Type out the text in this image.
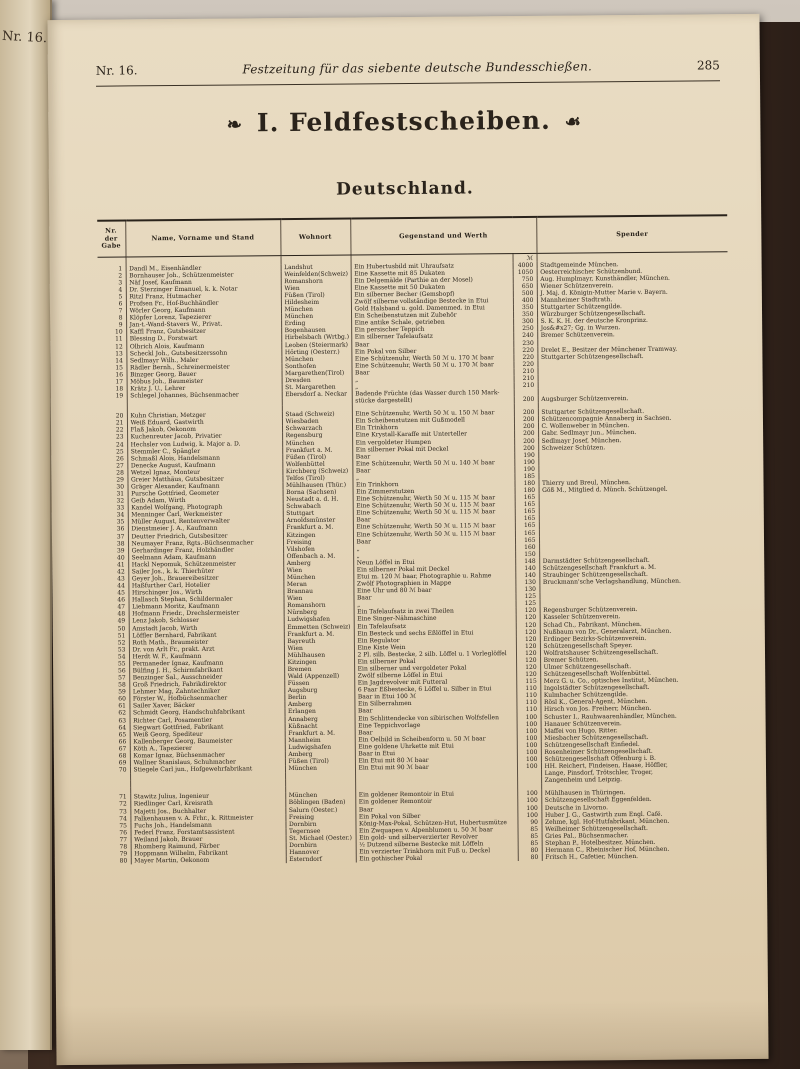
Nr. 16.
Nr. 16.	Festzeitung für das siebente deutsche Bundesschießen.	285
❧ I. Feldfestscheiben. ☙
Deutschland.
Nr. der Gabe	Name, Vorname und Stand	Wohnort	Gegenstand und Werth		Spender
				ℳ	
1	Dandl M., Eisenhändler	Landshut	Ein Hubertusbild mit Uhraufsatz	4000	Stadtgemeinde München.
2	Bornhauser Joh., Schützenmeister	Weinfelden(Schweiz)	Eine Kassette mit 85 Dukaten	1050	Oesterreichischer Schützenbund.
3	Näf Josef, Kaufmann	Romanshorn	Ein Delgemälde (Parthie an der Mosel)	750	Aug. Humplmayr, Kunsthändler, München.
4	Dr. Sterzinger Emanuel, k. k. Notar	Wien	Eine Kassette mit 50 Dukaten	650	Wiener Schützenverein.
5	Ritzl Franz, Hutmacher	Füßen (Tirol)	Ein silberner Becher (Gemsbopf)	500	J. Maj. d. Königin-Mutter Marie v. Bayern.
6	Profsen Fr., Hof-Buchhändler	Hildesheim	Zwölf silberne vollständige Bestecke in Etui	400	Mannheimer Stadtrath.
7	Wörler Georg, Kaufmann	München	Gold Halsband u. gold. Damenmed. in Etui	350	Stuttgarter Schützengilde.
8	Klöpfer Lorenz, Tapezierer	München	Ein Scheibenstutzen mit Zubehör	350	Würzburger Schützengesellschaft.
9	Jan-t.-Wand-Stavers W., Privat.	Erding	Eine antike Schale, getrieben	300	S. K. K. H. der deutsche Kronprinz.
10	Kaffl Franz, Gutsbesitzer	Bogenhausen	Ein persischer Teppich	250	Jos&#x27; Gg. in Wurzen.
11	Blessing D., Forstwart	Hirbelsbach (Wrtbg.)	Ein silberner Tafelaufsatz	240	Bremer Schützenverein.
12	Olbrich Alois, Kaufmann	Leoben (Steiermark)	Baar	230	
13	Scheckl Joh., Gutsbesitzerssohn	Hörting (Oesterr.)	Ein Pokal von Silber	220	Drelet E., Besitzer der Münchener Tramway.
14	Sedlmayr Wilh., Maler	München	Eine Schützenuhr, Werth 50 ℳ u. 170 ℳ baar	220	Stuttgarter Schützengesellschaft.
15	Rädler Bernh., Schreinermeister	Sonthofen	Eine Schützenuhr, Werth 50 ℳ u. 170 ℳ baar	220	
16	Binzger Georg, Bauer	Margarethen(Tirol)	Baar	210	
17	Möbus Joh., Baumeister	Dresden	„	210	
18	Krätz J. U., Lehrer	St. Margarethen	„	210	
19	Schlegel Johannes, Büchsenmacher	Ebersdorf a. Neckar	Badende Früchte (das Wasser durch 150 Mark-		
			stücke dargestellt)	200	Augsburger Schützenverein.

20	Kuhn Christian, Metzger	Staad (Schweiz)	Eine Schützenuhr, Werth 50 ℳ u. 150 ℳ baar	200	Stuttgarter Schützengesellschaft.
21	Weiß Eduard, Gastwirth	Wiesbaden	Ein Scheibenstutzen mit Gußmodell	200	Schützencompagnie Annaberg in Sachsen.
22	Flaß Jakob, Oekonom	Schwarzach	Ein Trinkhorn	200	C. Wollenweber in München.
23	Kuchenreuter Jacob, Privatier	Regensburg	Eine Krystall-Karaffe mit Unterteller	200	Gabr. Sedlmayr jun., München.
24	Hechsler von Ludwig, k. Major a. D.	München	Ein vergoldeter Humpen	200	Sedlmayr Josef, München.
25	Stemmler C., Spängler	Frankfurt a. M.	Ein silberner Pokal mit Deckel	200	Schweizer Schützen.
26	Schmaßl Alois, Handelsmann	Füßen (Tirol)	Baar	190	
27	Denecke August, Kaufmann	Wolfenbüttel	Eine Schützenuhr, Werth 50 ℳ u. 140 ℳ baar	190	
28	Wetzel Ignaz, Monteur	Kirchberg (Schweiz)	Baar	190	
29	Greier Matthäus, Gutsbesitzer	Telfos (Tirol)	„	185	
30	Gräger Alexander, Kaufmann	Mühlhausen (Thür.)	Ein Trinkhorn	180	Thierry und Breul, München.
31	Pursche Gottfried, Geometer	Borna (Sachsen)	Ein Zimmerstutzen	180	Göß M., Mitglied d. Münch. Schützengel.
32	Geib Adam, Wirth	Neustadt a. d. H.	Eine Schützenuhr, Werth 50 ℳ u. 115 ℳ baar	165	
33	Kandel Wolfgang, Photograph	Schwabach	Eine Schützenuhr, Werth 50 ℳ u. 115 ℳ baar	165	
34	Menninger Carl, Werkmeister	Stuttgart	Eine Schützenuhr, Werth 50 ℳ u. 115 ℳ baar	165	
35	Müller August, Rentenverwalter	Arnoldsmünster	Baar	165	
36	Dienstmeier J. A., Kaufmann	Frankfurt a. M.	Eine Schützenuhr, Werth 50 ℳ u. 115 ℳ baar	165	
37	Deutter Friedrich, Gutsbesitzer	Kitzingen	Eine Schützenuhr, Werth 50 ℳ u. 115 ℳ baar	165	
38	Neumayer Franz, Rgts.-Büchsenmacher	Freising	Baar	165	
39	Gerhardinger Franz, Holzhändler	Vilshofen	„	160	
40	Seelmann Adam, Kaufmann	Offenbach a. M.	„	150	
41	Hackl Nepomuk, Schützenmeister	Amberg	Neun Löffel in Etui	148	Darmstädter Schützengesellschaft.
42	Sailer Jos., k. k. Thierhüter	Wien	Ein silberner Pokal mit Deckel	140	Schützengesellschaft Frankfurt a. M.
43	Geyer Joh., Brauereibesitzer	München	Etui m. 120 ℳ baar, Photographie u. Rahme	140	Straubinger Schützengesellschaft.
44	Haßfurther Carl, Hotelier	Meran	Zwölf Photographien in Mappe	130	Bruckmann'sche Verlagshandlung, München.
45	Hirschinger Jos., Wirth	Brannau	Eine Uhr und 80 ℳ baar	130	
46	Hallasch Stephan, Schildermaler	Wien	Baar	125	
47	Liebmann Moritz, Kaufmann	Romanshorn	„	125	
48	Hofmann Friedr., Drechslermeister	Nürnberg	Ein Tafelaufsatz in zwei Theilen	120	Regensburger Schützenverein.
49	Lenz Jakob, Schlosser	Ludwigshafen	Eine Singer-Nähmaschine	120	Kasseler Schützenverein.
50	Amstadt Jacob, Wirth	Emmetten (Schweiz)	Ein Tafelaufsatz	120	Schad Ch., Fabrikant, München.
51	Löffler Bernhard, Fabrikant	Frankfurt a. M.	Ein Besteck und sechs Eßlöffel in Etui	120	Nußbaum von Dr., Generalarzt, München.
52	Roth Math., Braumeister	Bayreuth	Ein Regulator	120	Erdinger Bezirks-Schützenverein.
53	Dr. von Arlt Fr., prakt. Arzt	Wien	Eine Kiste Wein	120	Schützengesellschaft Speyer.
54	Herdt W. F., Kaufmann	Mühlhausen	2 Pl. silb. Bestecke, 2 silb. Löffel u. 1 Vorleglöffel	120	Wolfratshauser Schützengesellschaft.
55	Permaneder Ignaz, Kaufmann	Kitzingen	Ein silberner Pokal	120	Bremer Schützen.
56	Bülfing J. H., Schirmfabrikant	Bremen	Ein silberner und vergoldeter Pokal	120	Ulmer Schützengesellschaft.
57	Benzinger Sal., Ausschneider	Wald (Appenzell)	Zwölf silberne Löffel in Etui	120	Schützengesellschaft Wolfenbüttel.
58	Groß Friedrich, Fabrikdirektor	Füssen	Ein Jagdrevolver mit Futteral	115	Merz G. u. Co., optisches Institut, München.
59	Lehmer Mag, Zahntechniker	Augsburg	6 Paar Eßbestecke, 6 Löffel u. Silber in Etui	110	Ingolstädter Schützengesellschaft.
60	Förster W., Hofbüchsenmacher	Berlin	Baar in Etui 100 ℳ	110	Kulmbacher Schützengilde.
61	Sailer Xaver, Bäcker	Amberg	Ein Silberrahmen	110	Rösl K., General-Agent, München.
62	Schmidt Georg, Handschuhfabrikant	Erlangen	Baar	110	Hirsch von Jos. Freiherr, München.
63	Richter Carl, Posamentier	Annaberg	Ein Schlittendecke von sibirischen Wolfsfellen	100	Schuster I., Rauhwaarenhändler, München.
64	Siegwart Gottfried, Fabrikant	Küßnacht	Eine Teppichvorlage	100	Hanauer Schützenverein.
65	Weiß Georg, Spediteur	Frankfurt a. M.	Baar	100	Maffei von Hugo, Ritter.
66	Kallenberger Georg, Baumeister	Mannheim	Ein Oelbild in Scheibenform u. 50 ℳ baar	100	Miesbacher Schützengesellschaft.
67	Köth A., Tapezierer	Ludwigshafen	Eine goldene Uhrkette mit Etui	100	Schützengesellschaft Einfiedel.
68	Komar Ignaz, Büchsenmacher	Amberg	Baar in Etui	100	Rosenheimer Schützengesellschaft.
69	Wallner Stanislaus, Schuhmacher	Füßen (Tirol)	Ein Etui mit 80 ℳ baar	100	Schützengesellschaft Offenburg i. B.
70	Stiegele Carl jun., Hofgewehrfabrikant	München	Ein Etui mit 90 ℳ baar	100	HH. Reichert, Findeisen, Haase, Höffler,
					Lange, Pinsdorf, Trötschler, Troger,
					Zangenheim und Leipzig.

71	Stawitz Julius, Ingenieur	München	Ein goldener Remontoir in Etui	100	Mühlhausen in Thüringen.
72	Riedlinger Carl, Kreisrath	Böblingen (Baden)	Ein goldener Remontoir	100	Schützengesellschaft Eggenfelden.
73	Majetti Jos., Buchhalter	Salurn (Oester.)	Baar	100	Deutsche in Livorno.
74	Falkenhausen v. A. Frhr., k. Rittmeister	Freising	Ein Pokal von Silber	100	Huber J. G., Gastwirth zum Engl. Café.
75	Fuchs Joh., Handelsmann	Dornbirn	König-Max-Pokal, Schützen-Hut, Hubertusmütze	90	Zehme, kgl. Hof-Hutfabrikant, München.
76	Federl Franz, Forstamtsassistent	Tegernsee	Ein Zwquapen v. Alpenblumen u. 50 ℳ baar	85	Weilheimer Schützengesellschaft.
77	Weiland Jakob, Brauer	St. Michael (Oester.)	Ein gold- und silberverzierter Revolver	85	Gries Pal., Büchsenmacher.
78	Rhomberg Raimund, Färber	Dornbirn	½ Dutzend silberne Bestecke mit Löffeln	85	Stephan P., Hotelbesitzer, München.
79	Hoppmann Wilhelm, Fabrikant	Hannover	Ein verzierter Trinkhorn mit Fuß u. Deckel	80	Hermann C., Rheinischer Hof, München.
80	Mayer Martin, Oekonom	Esterndorf	Ein gothischer Pokal	80	Fritsch H., Cafetier, München.
